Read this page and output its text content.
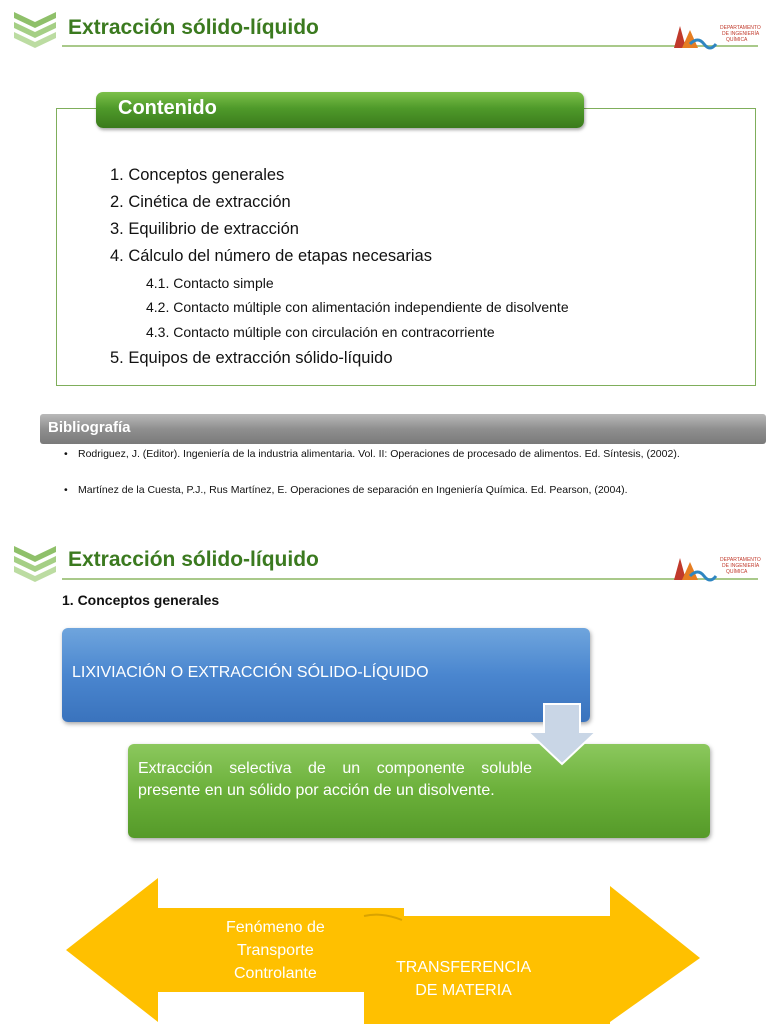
Extracción sólido-líquido	DEPARTAMENTO
DE INGENIERÍA
QUÍMICA
Contenido
1. Conceptos generales
2. Cinética de extracción
3. Equilibrio de extracción
4. Cálculo del número de etapas necesarias
4.1. Contacto simple
4.2. Contacto múltiple con alimentación independiente de disolvente
4.3. Contacto múltiple con circulación en contracorriente
5. Equipos de extracción sólido-líquido
Bibliografía
• Rodriguez, J. (Editor). Ingeniería de la industria alimentaria. Vol. II: Operaciones de procesado de alimentos. Ed. Síntesis, (2002).
• Martínez de la Cuesta, P.J., Rus Martínez, E. Operaciones de separación en Ingeniería Química. Ed. Pearson, (2004).
Extracción sólido-líquido	DEPARTAMENTO
DE INGENIERÍA
QUÍMICA
1. Conceptos generales
LIXIVIACIÓN O EXTRACCIÓN SÓLIDO-LÍQUIDO
Extracción selectiva de un componente soluble presente en un sólido por acción de un disolvente.
Fenómeno de
Transporte
Controlante	TRANSFERENCIA
DE MATERIA
